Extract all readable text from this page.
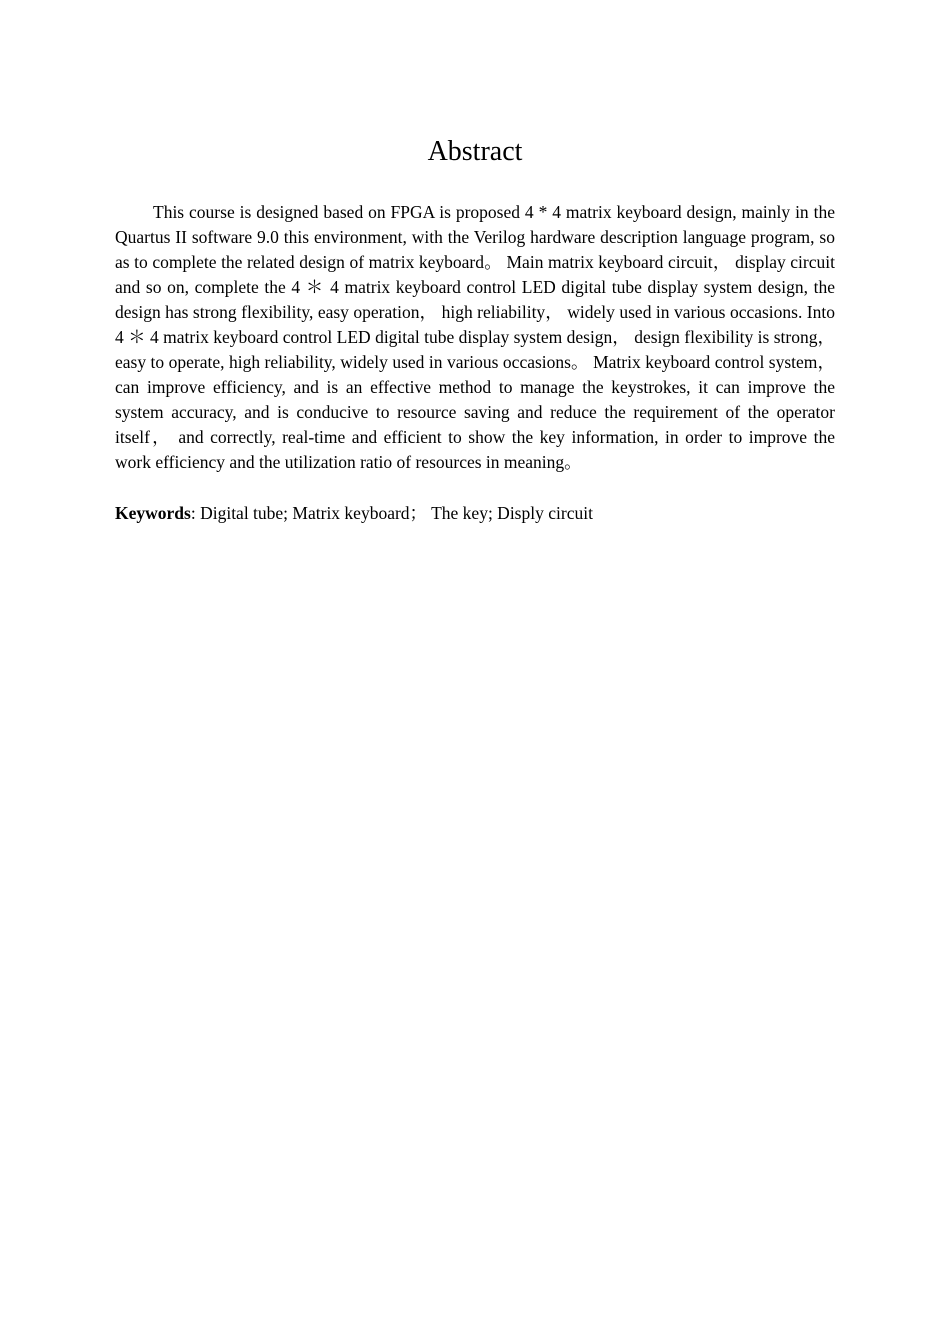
Abstract

This course is designed based on FPGA is proposed 4 * 4 matrix keyboard design, mainly in the Quartus II software 9.0 this environment, with the Verilog hardware description language program, so as to complete the related design of matrix keyboard。 Main matrix keyboard circuit， display circuit and so on, complete the 4 ＊ 4 matrix keyboard control LED digital tube display system design, the design has strong flexibility, easy operation， high reliability， widely used in various occasions. Into 4 ＊ 4 matrix keyboard control LED digital tube display system design， design flexibility is strong， easy to operate, high reliability, widely used in various occasions。 Matrix keyboard control system， can improve efficiency, and is an effective method to manage the keystrokes, it can improve the system accuracy, and is conducive to resource saving and reduce the requirement of the operator itself， and correctly, real-time and efficient to show the key information, in order to improve the work efficiency and the utilization ratio of resources in meaning。

Keywords: Digital tube; Matrix keyboard； The key; Disply circuit
